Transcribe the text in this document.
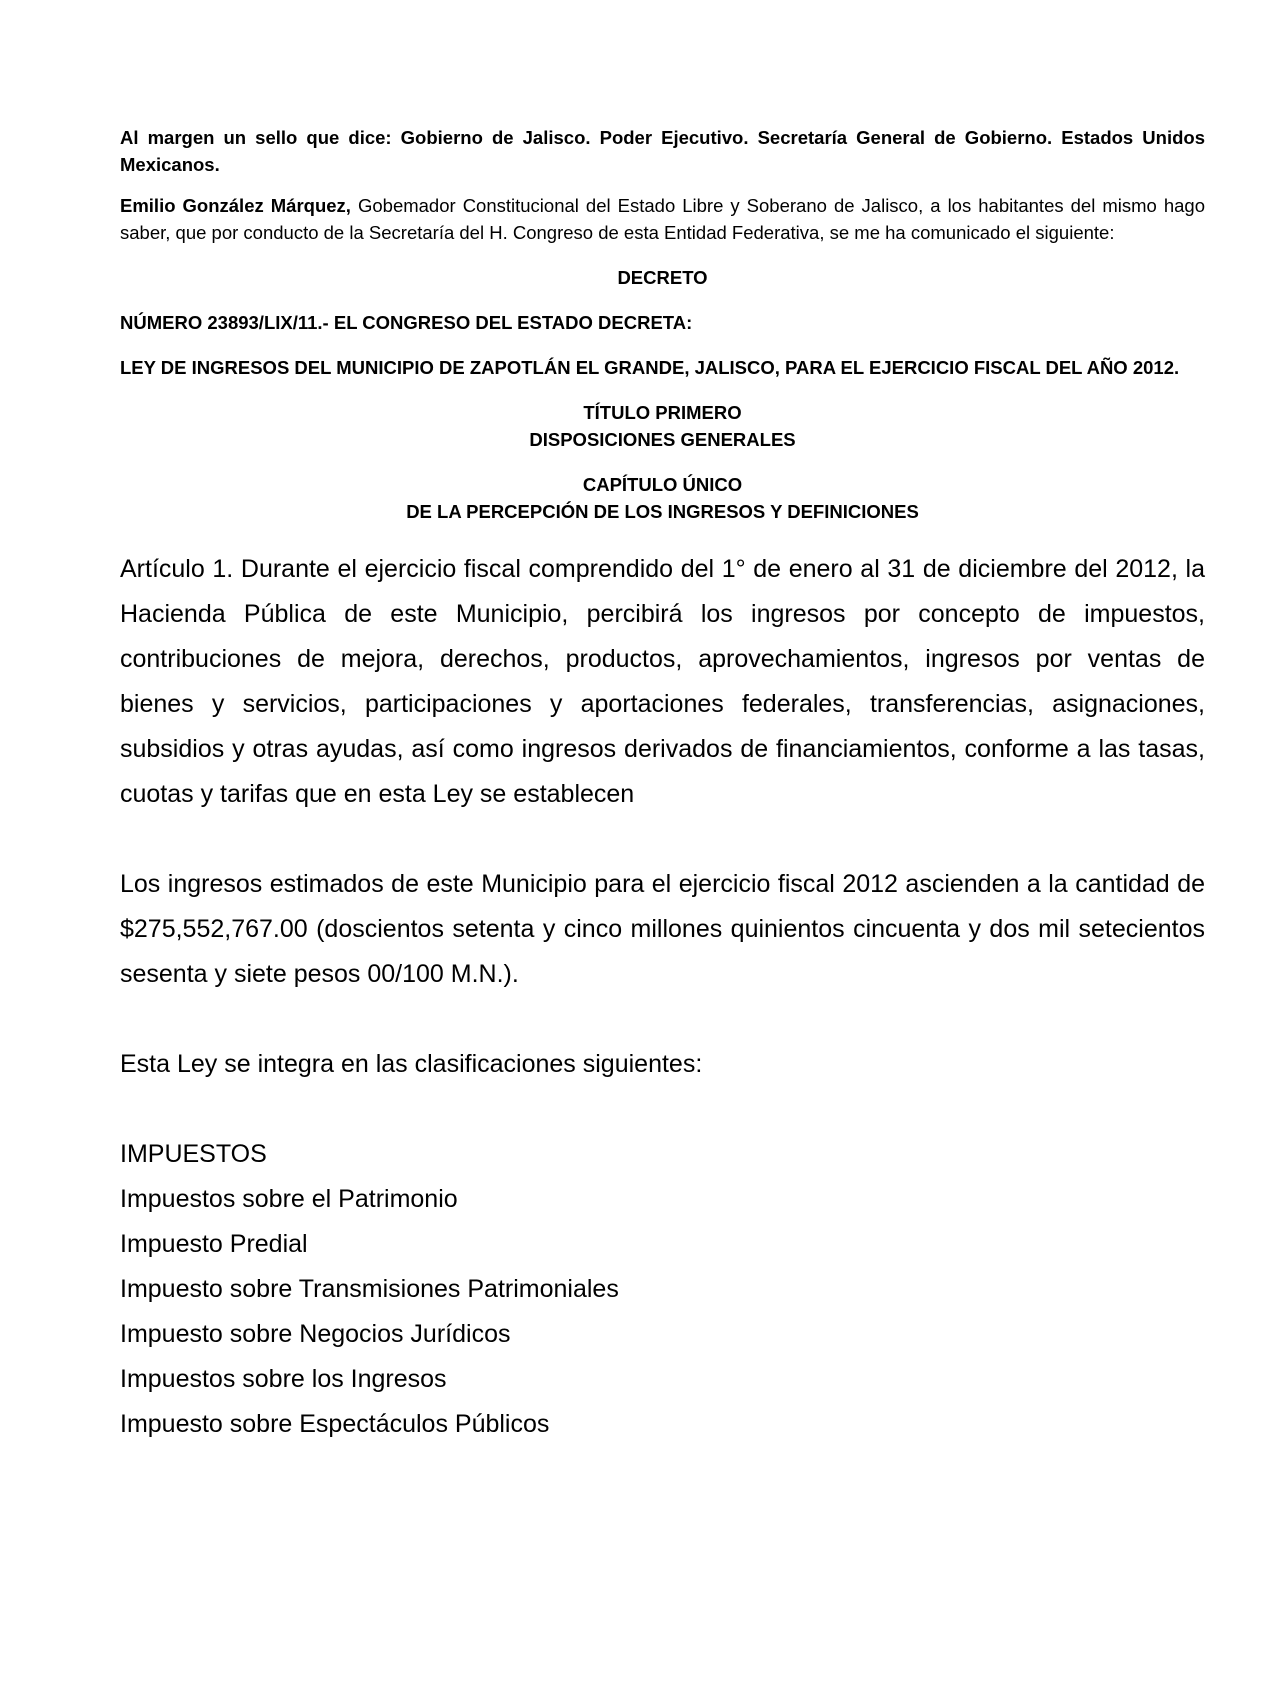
Al margen un sello que dice: Gobierno de Jalisco. Poder Ejecutivo. Secretaría General de Gobierno. Estados Unidos Mexicanos.

Emilio González Márquez, Gobemador Constitucional del Estado Libre y Soberano de Jalisco, a los habitantes del mismo hago saber, que por conducto de la Secretaría del H. Congreso de esta Entidad Federativa, se me ha comunicado el siguiente:

DECRETO

NÚMERO 23893/LIX/11.- EL CONGRESO DEL ESTADO DECRETA:

LEY DE INGRESOS DEL MUNICIPIO DE ZAPOTLÁN EL GRANDE, JALISCO, PARA EL EJERCICIO FISCAL DEL AÑO 2012.

TÍTULO PRIMERO
DISPOSICIONES GENERALES

CAPÍTULO ÚNICO
DE LA PERCEPCIÓN DE LOS INGRESOS Y DEFINICIONES

Artículo 1. Durante el ejercicio fiscal comprendido del 1° de enero al 31 de diciembre del 2012, la Hacienda Pública de este Municipio, percibirá los ingresos por concepto de impuestos, contribuciones de mejora, derechos, productos, aprovechamientos, ingresos por ventas de bienes y servicios, participaciones y aportaciones federales, transferencias, asignaciones, subsidios y otras ayudas, así como ingresos derivados de financiamientos, conforme a las tasas, cuotas y tarifas que en esta Ley se establecen

Los ingresos estimados de este Municipio para el ejercicio fiscal 2012 ascienden a la cantidad de $275,552,767.00 (doscientos setenta y cinco millones quinientos cincuenta y dos mil setecientos sesenta y siete pesos 00/100 M.N.).

Esta Ley se integra en las clasificaciones siguientes:

IMPUESTOS
Impuestos sobre el Patrimonio
Impuesto Predial
Impuesto sobre Transmisiones Patrimoniales
Impuesto sobre Negocios Jurídicos
Impuestos sobre los Ingresos
Impuesto sobre Espectáculos Públicos
